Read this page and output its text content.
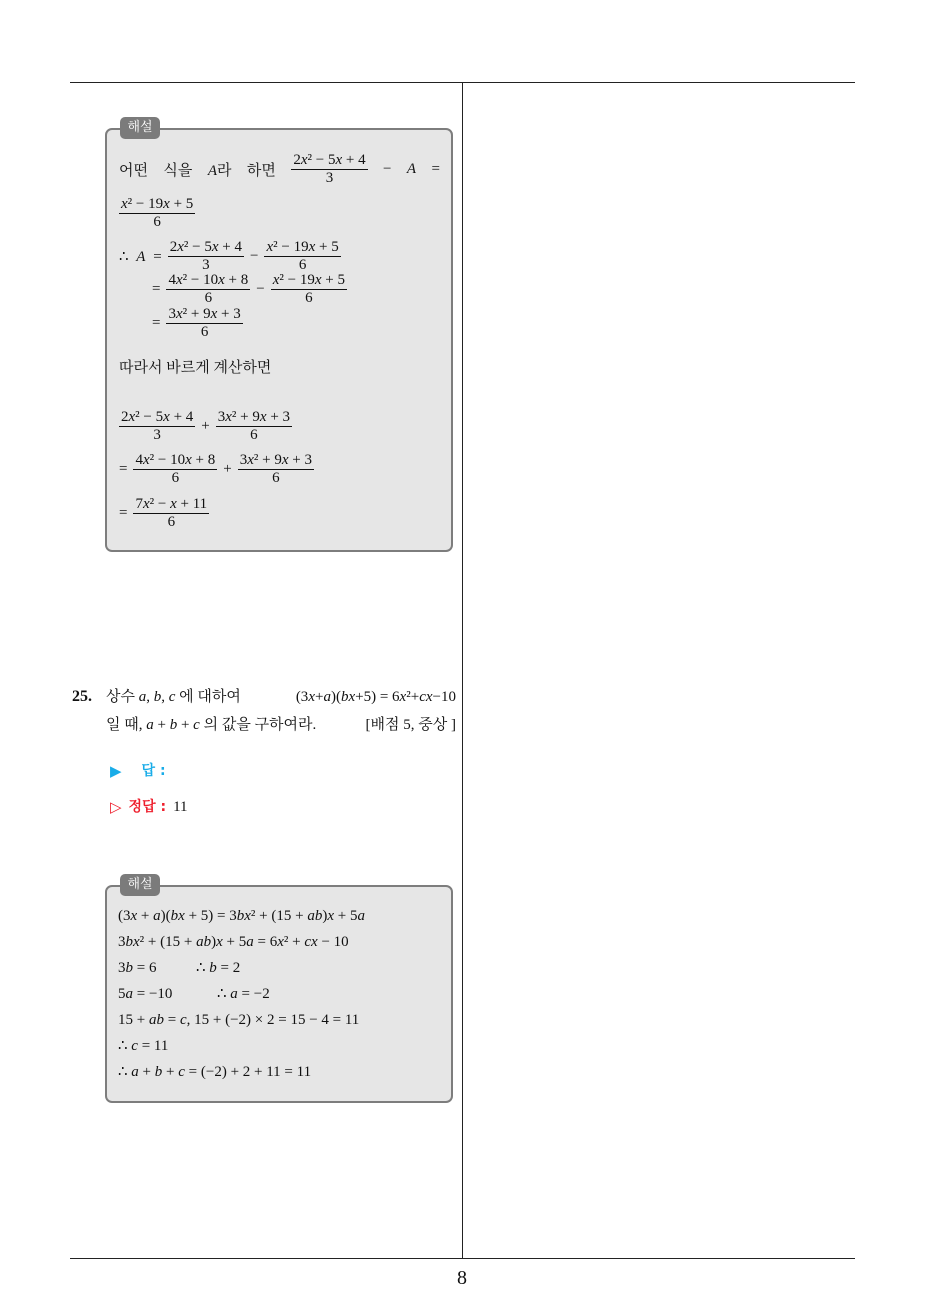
해설
어떤 식을 A라 하면 $\frac{\text{2x² − 5x + 4}}{3} - A$ =
$\frac{\text{x² − 19x + 5}}{6}$
∴ $A = \frac{\text{2x² − 5x + 4}}{3} - \frac{\text{x² − 19x + 5}}{6}$
= $\frac{\text{4x² − 10x + 8}}{6} - \frac{\text{x² − 19x + 5}}{6}$
= $\frac{\text{3x² + 9x + 3}}{6}$
따라서 바르게 계산하면
$\frac{\text{2x² − 5x + 4}}{3} + \frac{\text{3x² + 9x + 3}}{6}$
= $\frac{\text{4x² − 10x + 8}}{6} + \frac{\text{3x² + 9x + 3}}{6}$
= $\frac{\text{7x² − x + 11}}{6}$
25. 상수 a, b, c 에 대하여	(3x+a)(bx+5) = 6x²+cx−10
일 때, a + b + c 의 값을 구하여라.	[배점 5, 중상 ]
▶ 답 :
▷ 정답 : 11
해설
(3x + a)(bx + 5) = 3bx² + (15 + ab)x + 5a
3bx² + (15 + ab)x + 5a = 6x² + cx − 10
3b = 6	∴ b = 2
5a = −10	∴ a = −2
15 + ab = c, 15 + (−2) × 2 = 15 − 4 = 11
∴ c = 11
∴ a + b + c = (−2) + 2 + 11 = 11
8
